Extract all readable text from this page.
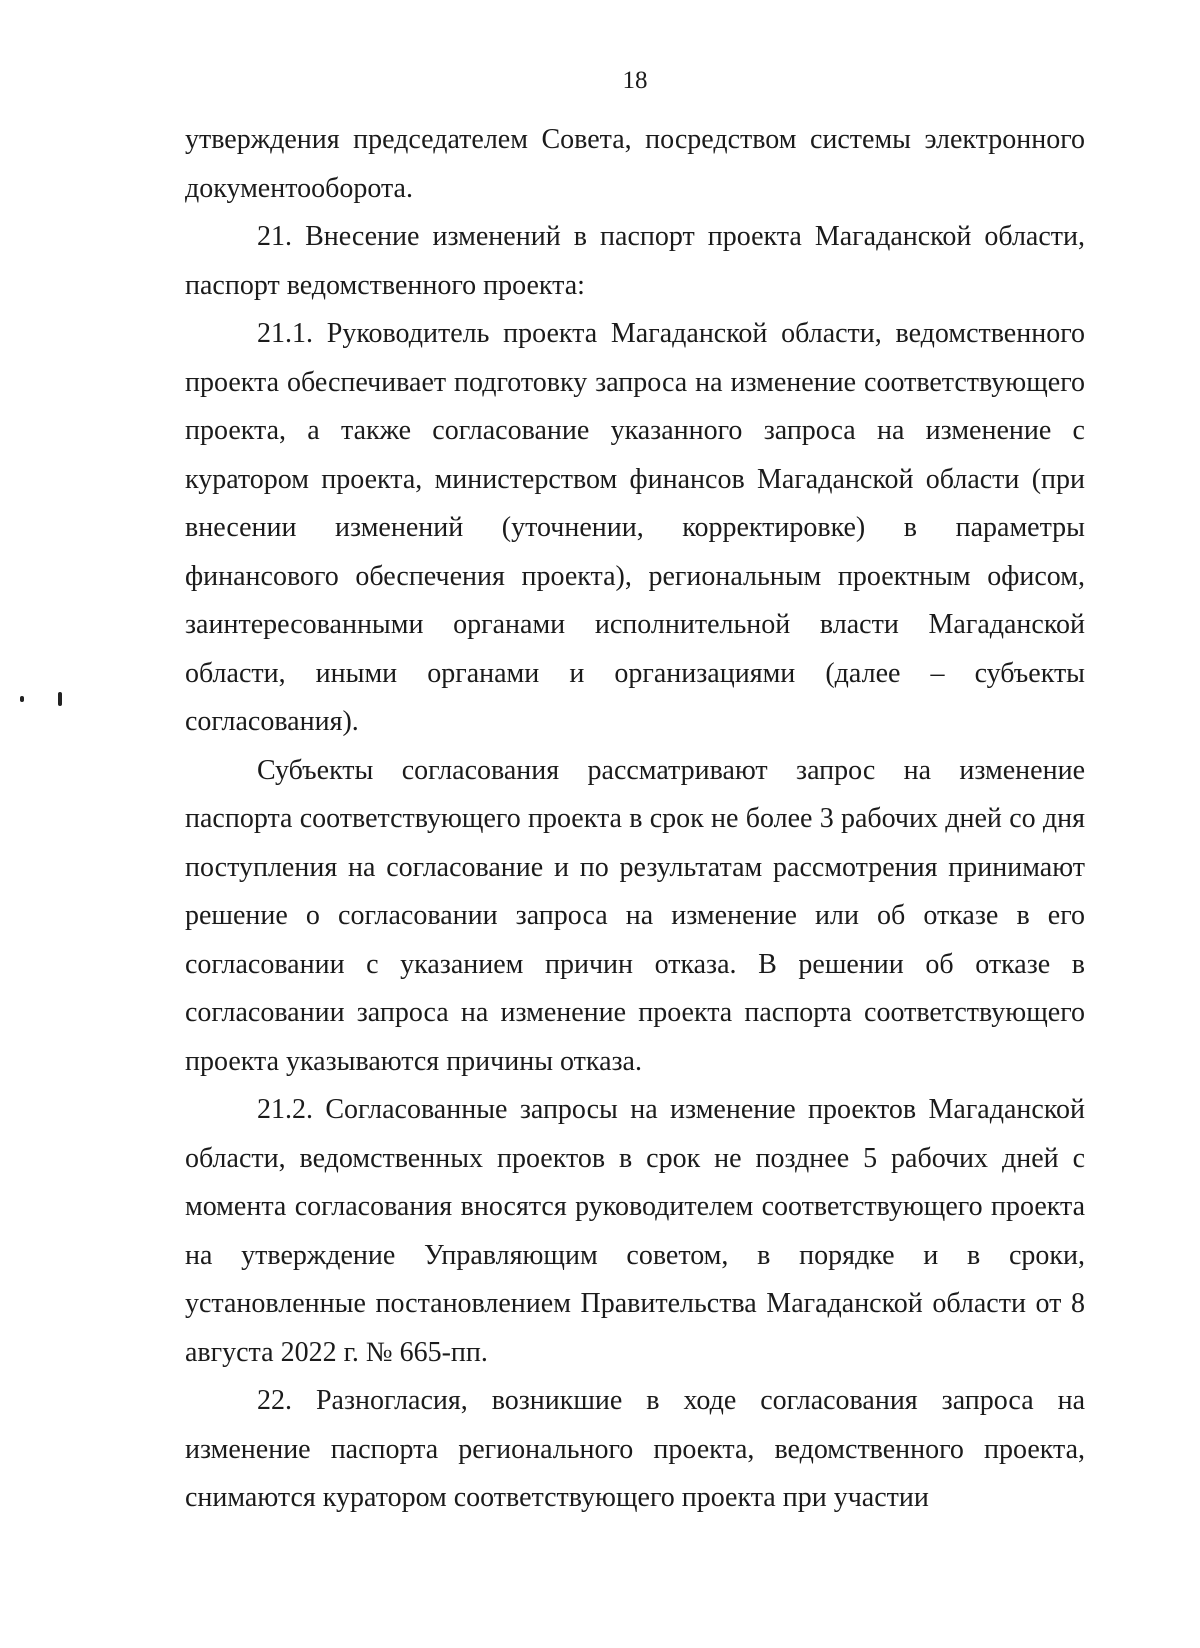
18

утверждения председателем Совета, посредством системы электронного документооборота.

21. Внесение изменений в паспорт проекта Магаданской области, паспорт ведомственного проекта:

21.1. Руководитель проекта Магаданской области, ведомственного проекта обеспечивает подготовку запроса на изменение соответствующего проекта, а также согласование указанного запроса на изменение с куратором проекта, министерством финансов Магаданской области (при внесении изменений (уточнении, корректировке) в параметры финансового обеспечения проекта), региональным проектным офисом, заинтересованными органами исполнительной власти Магаданской области, иными органами и организациями (далее – субъекты согласования).

Субъекты согласования рассматривают запрос на изменение паспорта соответствующего проекта в срок не более 3 рабочих дней со дня поступления на согласование и по результатам рассмотрения принимают решение о согласовании запроса на изменение или об отказе в его согласовании с указанием причин отказа. В решении об отказе в согласовании запроса на изменение проекта паспорта соответствующего проекта указываются причины отказа.

21.2. Согласованные запросы на изменение проектов Магаданской области, ведомственных проектов в срок не позднее 5 рабочих дней с момента согласования вносятся руководителем соответствующего проекта на утверждение Управляющим советом, в порядке и в сроки, установленные постановлением Правительства Магаданской области от 8 августа 2022 г. № 665-пп.

22. Разногласия, возникшие в ходе согласования запроса на изменение паспорта регионального проекта, ведомственного проекта, снимаются куратором соответствующего проекта при участии
